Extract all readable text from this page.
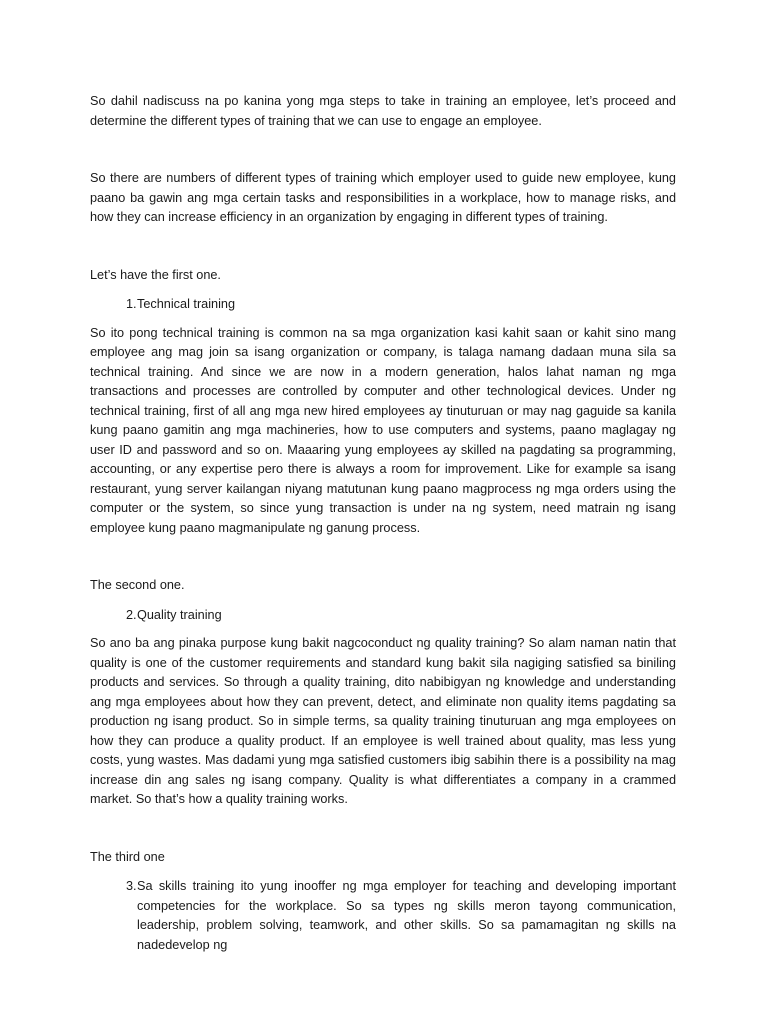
So dahil nadiscuss na po kanina yong mga steps to take in training an employee, let’s proceed and determine the different types of training that we can use to engage an employee.

So there are numbers of different types of training which employer used to guide new employee, kung paano ba gawin ang mga certain tasks and responsibilities in a workplace, how to manage risks, and how they can increase efficiency in an organization by engaging in different types of training.

Let’s have the first one.

1. Technical training

So ito pong technical training is common na sa mga organization kasi kahit saan or kahit sino mang employee ang mag join sa isang organization or company, is talaga namang dadaan muna sila sa technical training. And since we are now in a modern generation, halos lahat naman ng mga transactions and processes are controlled by computer and other technological devices. Under ng technical training, first of all ang mga new hired employees ay tinuturuan or may nag gaguide sa kanila kung paano gamitin ang mga machineries, how to use computers and systems, paano maglagay ng user ID and password and so on. Maaaring yung employees ay skilled na pagdating sa programming, accounting, or any expertise pero there is always a room for improvement. Like for example sa isang restaurant, yung server kailangan niyang matutunan kung paano magprocess ng mga orders using the computer or the system, so since yung transaction is under na ng system, need matrain ng isang employee kung paano magmanipulate ng ganung process.

The second one.

2. Quality training

So ano ba ang pinaka purpose kung bakit nagcoconduct ng quality training? So alam naman natin that quality is one of the customer requirements and standard kung bakit sila nagiging satisfied sa biniling products and services. So through a quality training, dito nabibigyan ng knowledge and understanding ang mga employees about how they can prevent, detect, and eliminate non quality items pagdating sa production ng isang product. So in simple terms, sa quality training tinuturuan ang mga employees on how they can produce a quality product. If an employee is well trained about quality, mas less yung costs, yung wastes. Mas dadami yung mga satisfied customers ibig sabihin there is a possibility na mag increase din ang sales ng isang company. Quality is what differentiates a company in a crammed market. So that’s how a quality training works.

The third one

3. Sa skills training ito yung inooffer ng mga employer for teaching and developing important competencies for the workplace. So sa types ng skills meron tayong communication, leadership, problem solving, teamwork, and other skills. So sa pamamagitan ng skills na nadedevelop ng
